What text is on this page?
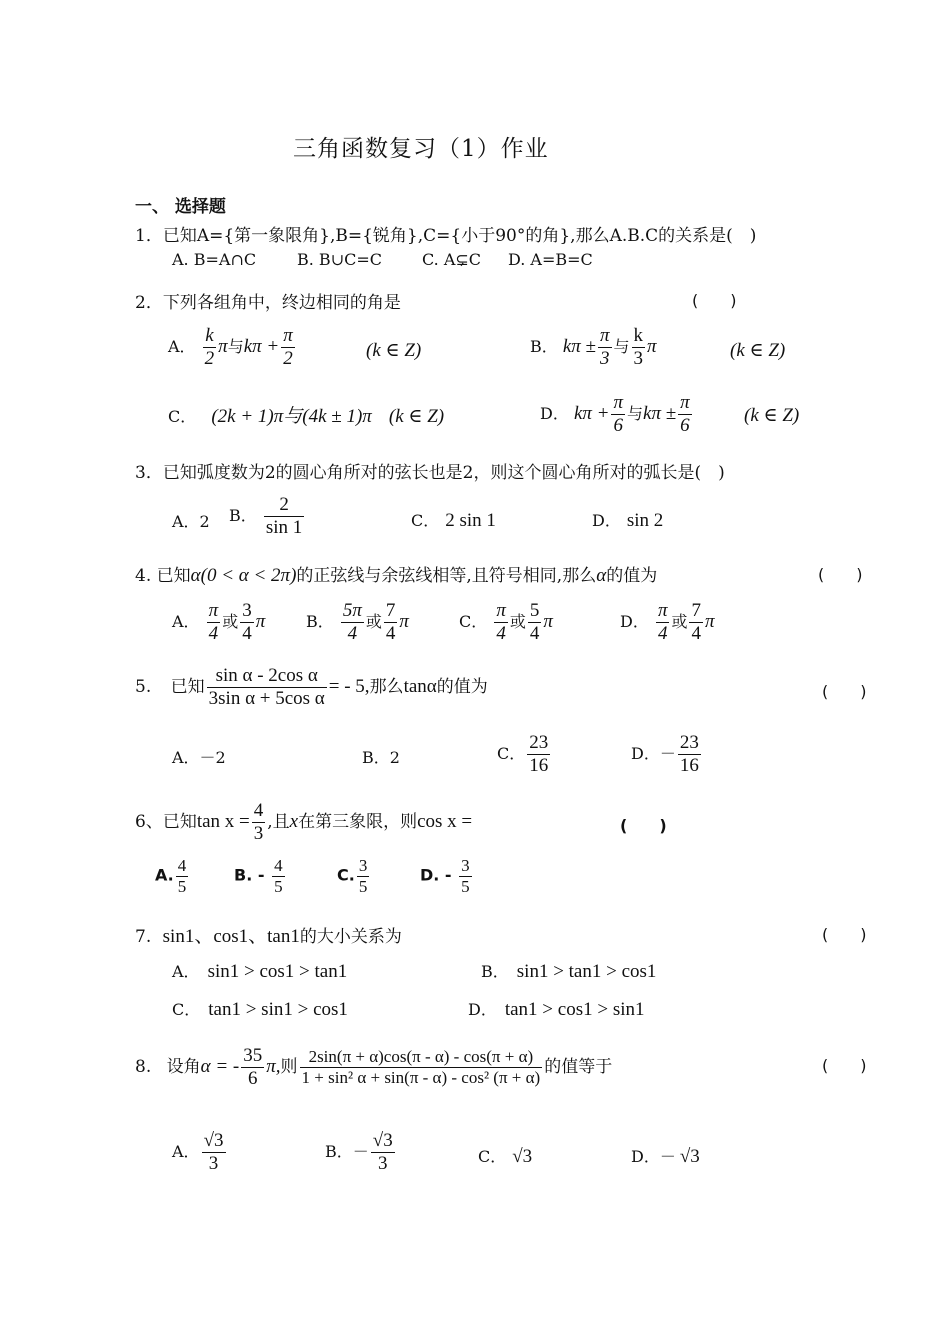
三角函数复习（1）作业
一、 选择题
1．已知A={第一象限角},B={锐角},C={小于90°的角},那么A.B.C的关系是(　)
A. B=A∩C	B. B∪C=C	C. A⊊C D. A=B=C
2．下列各组角中，终边相同的角是	(　　)
A． $\frac{k}{2}$ π与$k\pi + \frac{\pi}{2}$	(k ∈ Z)	B． $k\pi \pm \frac{\pi}{3}$ 与 $\frac{k}{3}$ π	(k ∈ Z)
C． (2k + 1)π与(4k ± 1)π (k ∈ Z)	D． $k\pi + \frac{\pi}{6}$ 与$k\pi \pm \frac{\pi}{6}$	(k ∈ Z)
3．已知弧度数为2的圆心角所对的弦长也是2，则这个圆心角所对的弧长是(　)
A．2 B． $\frac{2}{\sin 1}$	C． 2 sin 1	D． sin 2
4. 已知α(0 < α < 2π)的正弦线与余弦线相等,且符号相同,那么α的值为	(　　)
A． $\frac{\pi}{4}$ 或 $\frac{3}{4}$ π	B． $\frac{5\pi}{4}$ 或 $\frac{7}{4}$ π	C． $\frac{\pi}{4}$ 或 $\frac{5}{4}$ π	D． $\frac{\pi}{4}$ 或 $\frac{7}{4}$ π
5. 已知 $\frac{\text{sin α - 2cos α}}{\text{3sin α + 5cos α}}$ = - 5,那么tanα的值为	(　　)
A．－2	B．2	C． $\frac{23}{16}$	D．－ $\frac{23}{16}$
6、已知$\tan x = \frac{4}{3}$ ,且x在第三象限，则cos x =	(　　)
A. $\frac{4}{5}$	B. - $\frac{4}{5}$	C. $\frac{3}{5}$	D. - $\frac{3}{5}$
7. sin1、cos1、tan1的大小关系为	(　　)
A． sin1 > cos1 > tan1	B． sin1 > tan1 > cos1
C． tan1 > sin1 > cos1	D． tan1 > cos1 > sin1
8. 设角α = - $\frac{35}{6} \pi$,则 $\frac{2\sin(\pi + \alpha)\cos(\pi - \alpha) - \cos(\pi + \alpha)}{\text{1 + sin² α + sin(π - α) - cos² (π + α)}}$ 的值等于	(　　)
A． $\frac{√3}{3}$	B．－ $\frac{√3}{3}$	C． √3	D．－ √3
